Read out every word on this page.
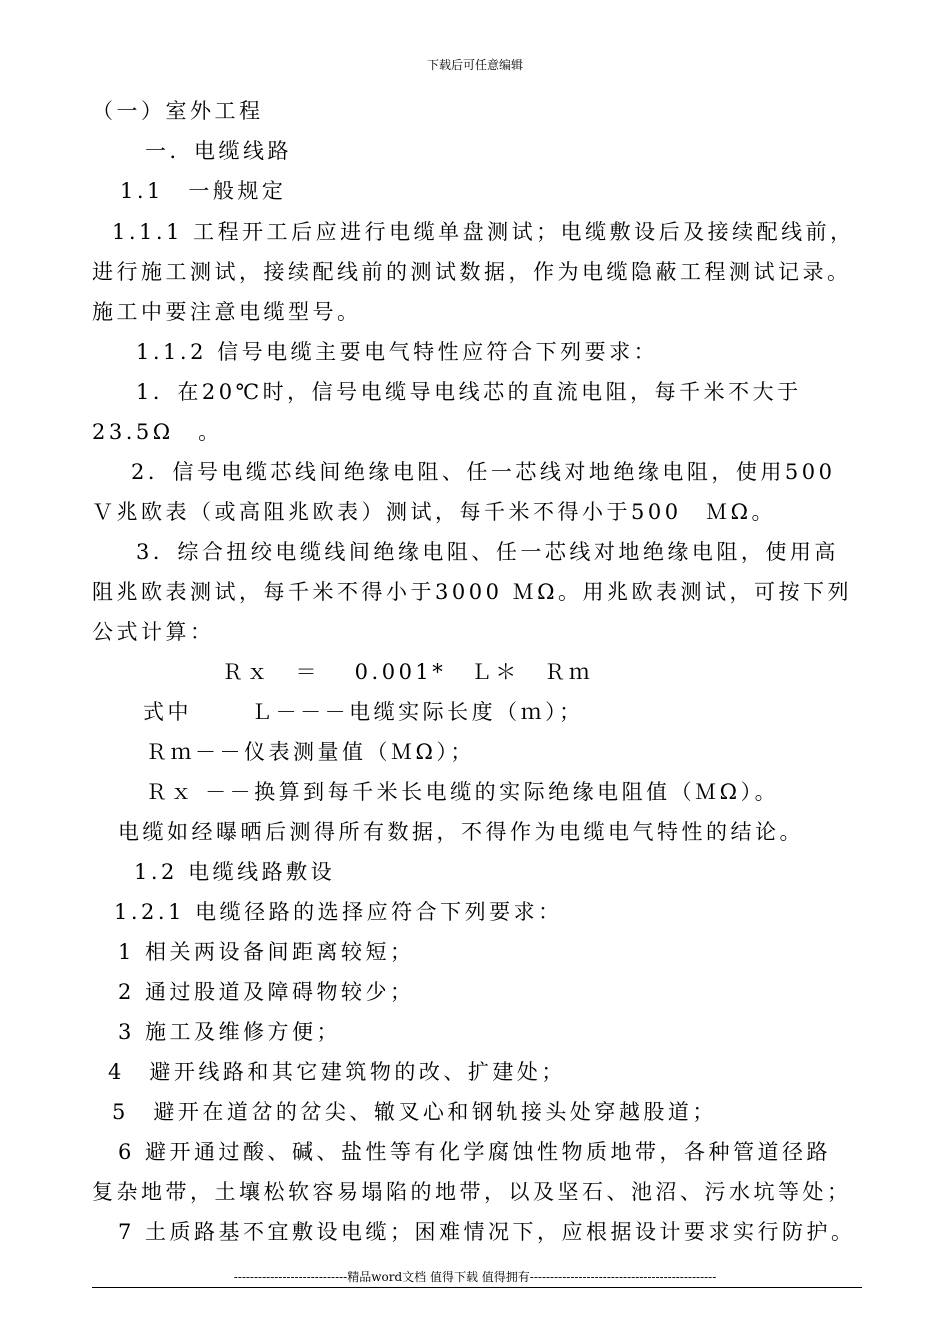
下载后可任意编辑
（一）室外工程
一．电缆线路
1.1　一般规定
1.1.1 工程开工后应进行电缆单盘测试；电缆敷设后及接续配线前，
进行施工测试，接续配线前的测试数据，作为电缆隐蔽工程测试记录。
施工中要注意电缆型号。
1.1.2 信号电缆主要电气特性应符合下列要求：
1．在20℃时，信号电缆导电线芯的直流电阻，每千米不大于
23.5Ω　。
2．信号电缆芯线间绝缘电阻、任一芯线对地绝缘电阻，使用500
Ｖ兆欧表（或高阻兆欧表）测试，每千米不得小于500　ＭΩ。
3．综合扭绞电缆线间绝缘电阻、任一芯线对地绝缘电阻，使用高
阻兆欧表测试，每千米不得小于3000 ＭΩ。用兆欧表测试，可按下列
公式计算：
Ｒｘ　＝　 0.001*　Ｌ＊　Ｒｍ
式中　　 Ｌ－－－电缆实际长度（ｍ）；
Ｒｍ－－仪表测量值（ＭΩ）；
Ｒｘ －－换算到每千米长电缆的实际绝缘电阻值（ＭΩ）。
电缆如经曝晒后测得所有数据，不得作为电缆电气特性的结论。
1.2 电缆线路敷设
1.2.1 电缆径路的选择应符合下列要求：
1 相关两设备间距离较短；
2 通过股道及障碍物较少；
3 施工及维修方便；
4　避开线路和其它建筑物的改、扩建处；
5　避开在道岔的岔尖、辙叉心和钢轨接头处穿越股道；
6 避开通过酸、碱、盐性等有化学腐蚀性物质地带，各种管道径路
复杂地带，土壤松软容易塌陷的地带，以及坚石、池沼、污水坑等处；
7 土质路基不宜敷设电缆；困难情况下，应根据设计要求实行防护。
----------------------------精品word文档 值得下载 值得拥有----------------------------------------------
